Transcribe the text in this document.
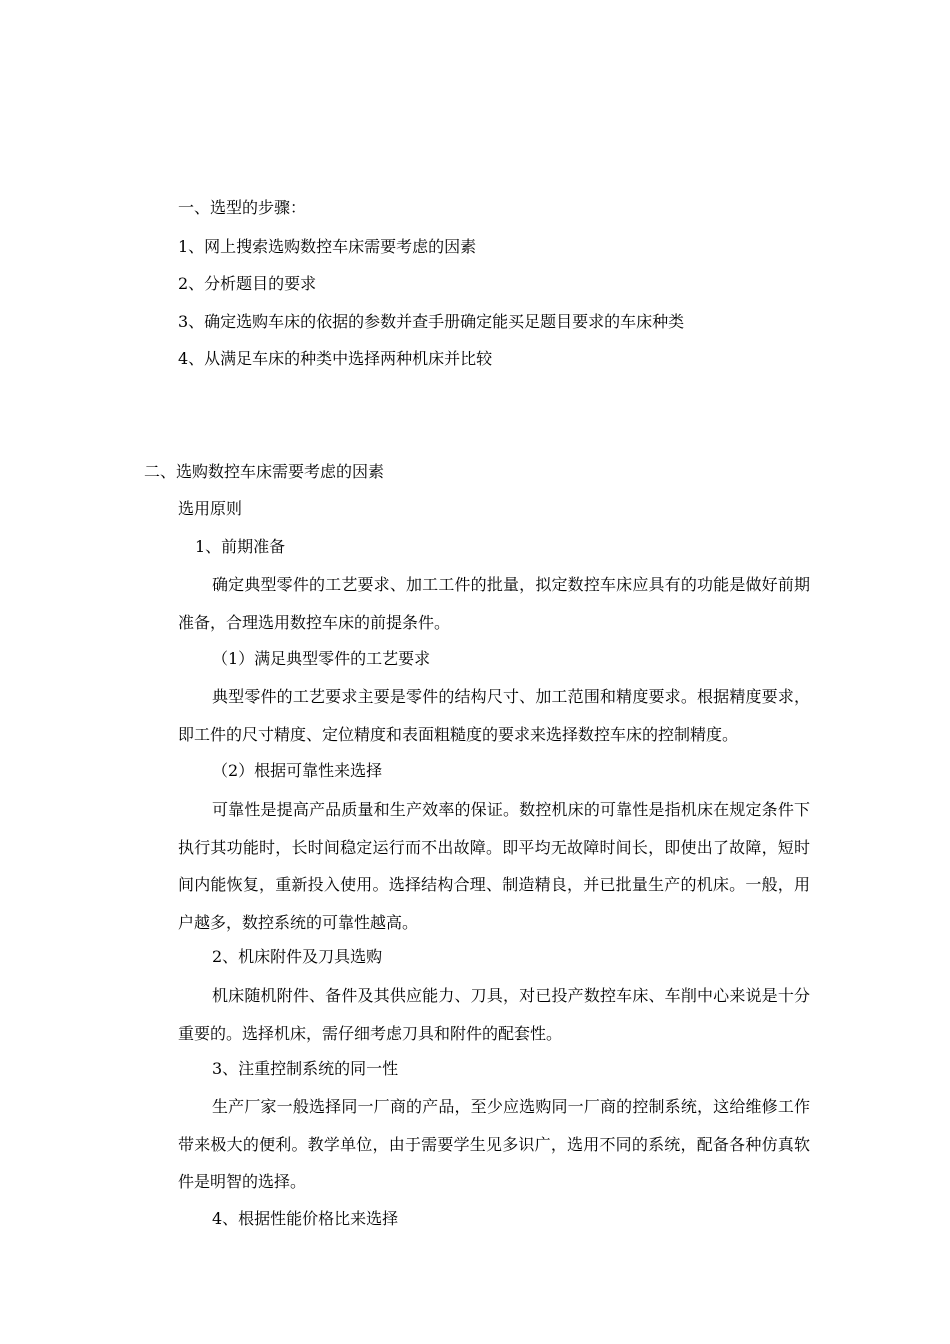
一、选型的步骤：
1、网上搜索选购数控车床需要考虑的因素
2、分析题目的要求
3、确定选购车床的依据的参数并查手册确定能买足题目要求的车床种类
4、从满足车床的种类中选择两种机床并比较
二、选购数控车床需要考虑的因素
选用原则
1、前期准备
确定典型零件的工艺要求、加工工件的批量，拟定数控车床应具有的功能是做好前期准备，合理选用数控车床的前提条件。
（1）满足典型零件的工艺要求
典型零件的工艺要求主要是零件的结构尺寸、加工范围和精度要求。根据精度要求，即工件的尺寸精度、定位精度和表面粗糙度的要求来选择数控车床的控制精度。
（2）根据可靠性来选择
可靠性是提高产品质量和生产效率的保证。数控机床的可靠性是指机床在规定条件下执行其功能时，长时间稳定运行而不出故障。即平均无故障时间长，即使出了故障，短时间内能恢复，重新投入使用。选择结构合理、制造精良，并已批量生产的机床。一般，用户越多，数控系统的可靠性越高。
2、机床附件及刀具选购
机床随机附件、备件及其供应能力、刀具，对已投产数控车床、车削中心来说是十分重要的。选择机床，需仔细考虑刀具和附件的配套性。
3、注重控制系统的同一性
生产厂家一般选择同一厂商的产品，至少应选购同一厂商的控制系统，这给维修工作带来极大的便利。教学单位，由于需要学生见多识广，选用不同的系统，配备各种仿真软件是明智的选择。
4、根据性能价格比来选择
